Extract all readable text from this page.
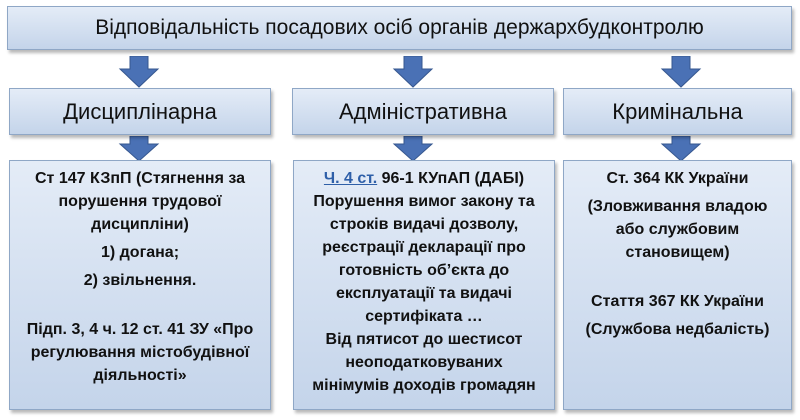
Відповідальність посадових осіб органів держархбудконтролю
Дисциплінарна	Адміністративна	Кримінальна
Ст 147 КЗпП (Стягнення за
порушення трудової
дисципліни)
1) догана;
2) звільнення.
Підп. 3, 4 ч. 12 ст. 41 ЗУ «Про
регулювання містобудівної
діяльності»
Ч. 4 ст. 96-1 КУпАП (ДАБІ)
Порушення вимог закону та
строків видачі дозволу,
реєстрації декларації про
готовність об’єкта до
експлуатації та видачі
сертифіката …
Від пятисот до шестисот
неоподатковуваних
мінімумів доходів громадян
Ст. 364 КК України
(Зловживання владою
або службовим
становищем)
Стаття 367 КК України
(Службова недбалість)
